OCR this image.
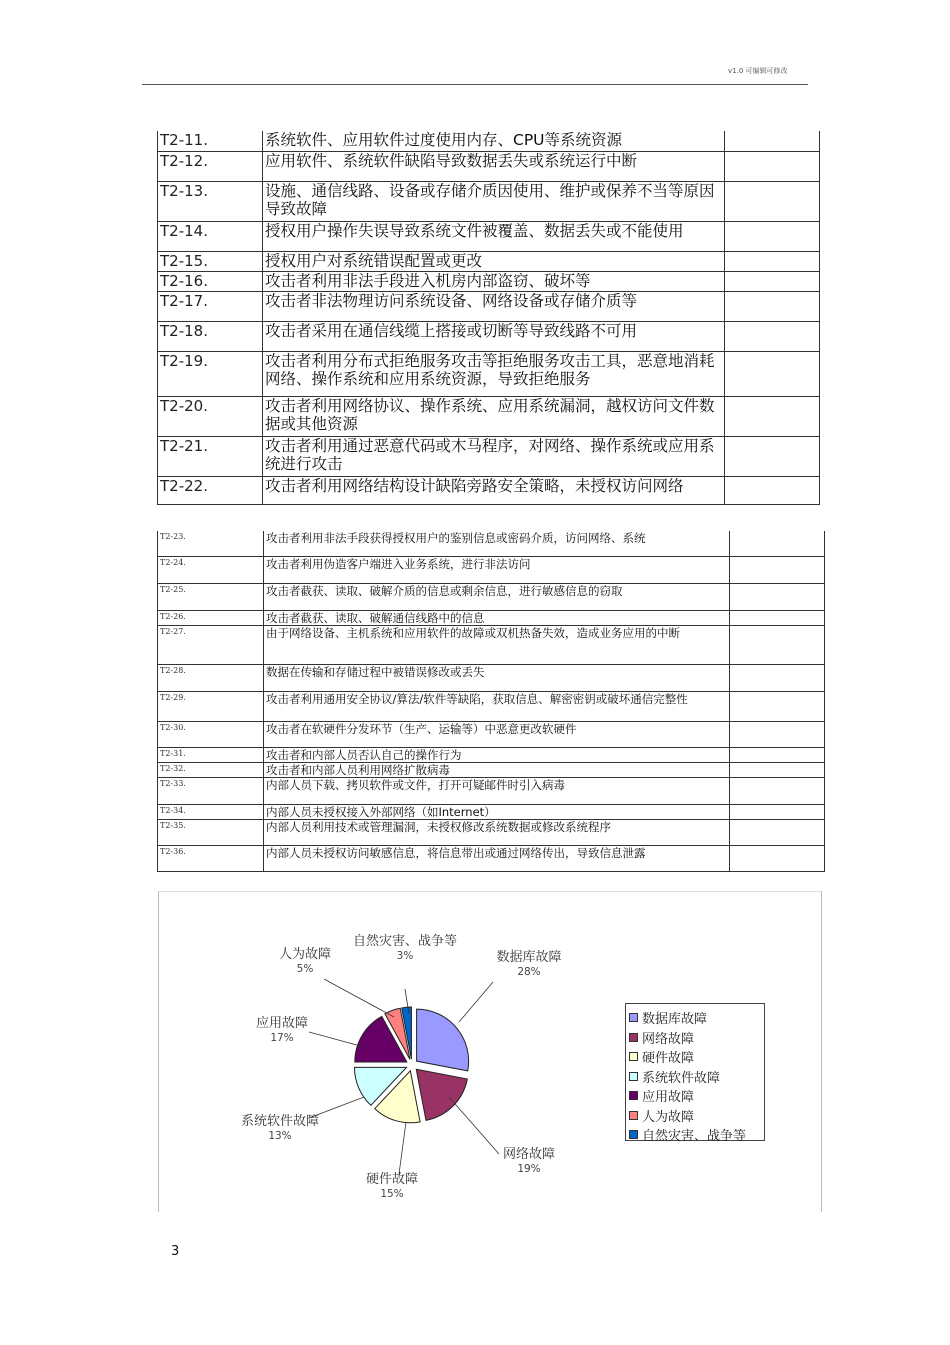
v1.0 可编辑可修改
T2-11.	系统软件、应用软件过度使用内存、CPU等系统资源	
T2-12.	应用软件、系统软件缺陷导致数据丢失或系统运行中断	
T2-13.	设施、通信线路、设备或存储介质因使用、维护或保养不当等原因导致故障	
T2-14.	授权用户操作失误导致系统文件被覆盖、数据丢失或不能使用	
T2-15.	授权用户对系统错误配置或更改	
T2-16.	攻击者利用非法手段进入机房内部盗窃、破坏等	
T2-17.	攻击者非法物理访问系统设备、网络设备或存储介质等	
T2-18.	攻击者采用在通信线缆上搭接或切断等导致线路不可用	
T2-19.	攻击者利用分布式拒绝服务攻击等拒绝服务攻击工具，恶意地消耗网络、操作系统和应用系统资源，导致拒绝服务	
T2-20.	攻击者利用网络协议、操作系统、应用系统漏洞，越权访问文件数据或其他资源	
T2-21.	攻击者利用通过恶意代码或木马程序，对网络、操作系统或应用系统进行攻击	
T2-22.	攻击者利用网络结构设计缺陷旁路安全策略，未授权访问网络	
T2-23.	攻击者利用非法手段获得授权用户的鉴别信息或密码介质，访问网络、系统	
T2-24.	攻击者利用伪造客户端进入业务系统，进行非法访问	
T2-25.	攻击者截获、读取、破解介质的信息或剩余信息，进行敏感信息的窃取	
T2-26.	攻击者截获、读取、破解通信线路中的信息	
T2-27.	由于网络设备、主机系统和应用软件的故障或双机热备失效，造成业务应用的中断	
T2-28.	数据在传输和存储过程中被错误修改或丢失	
T2-29.	攻击者利用通用安全协议/算法/软件等缺陷，获取信息、解密密钥或破坏通信完整性	
T2-30.	攻击者在软硬件分发环节（生产、运输等）中恶意更改软硬件	
T2-31.	攻击者和内部人员否认自己的操作行为	
T2-32.	攻击者和内部人员利用网络扩散病毒	
T2-33.	内部人员下载、拷贝软件或文件，打开可疑邮件时引入病毒	
T2-34.	内部人员未授权接入外部网络（如Internet）	
T2-35.	内部人员利用技术或管理漏洞，未授权修改系统数据或修改系统程序	
T2-36.	内部人员未授权访问敏感信息，将信息带出或通过网络传出，导致信息泄露	
数据库故障
28%
网络故障
19%
硬件故障
15%
系统软件故障
13%
应用故障
17%
人为故障
5%
自然灾害、战争等
3%
数据库故障
网络故障
硬件故障
系统软件故障
应用故障
人为故障
自然灾害、战争等
3
